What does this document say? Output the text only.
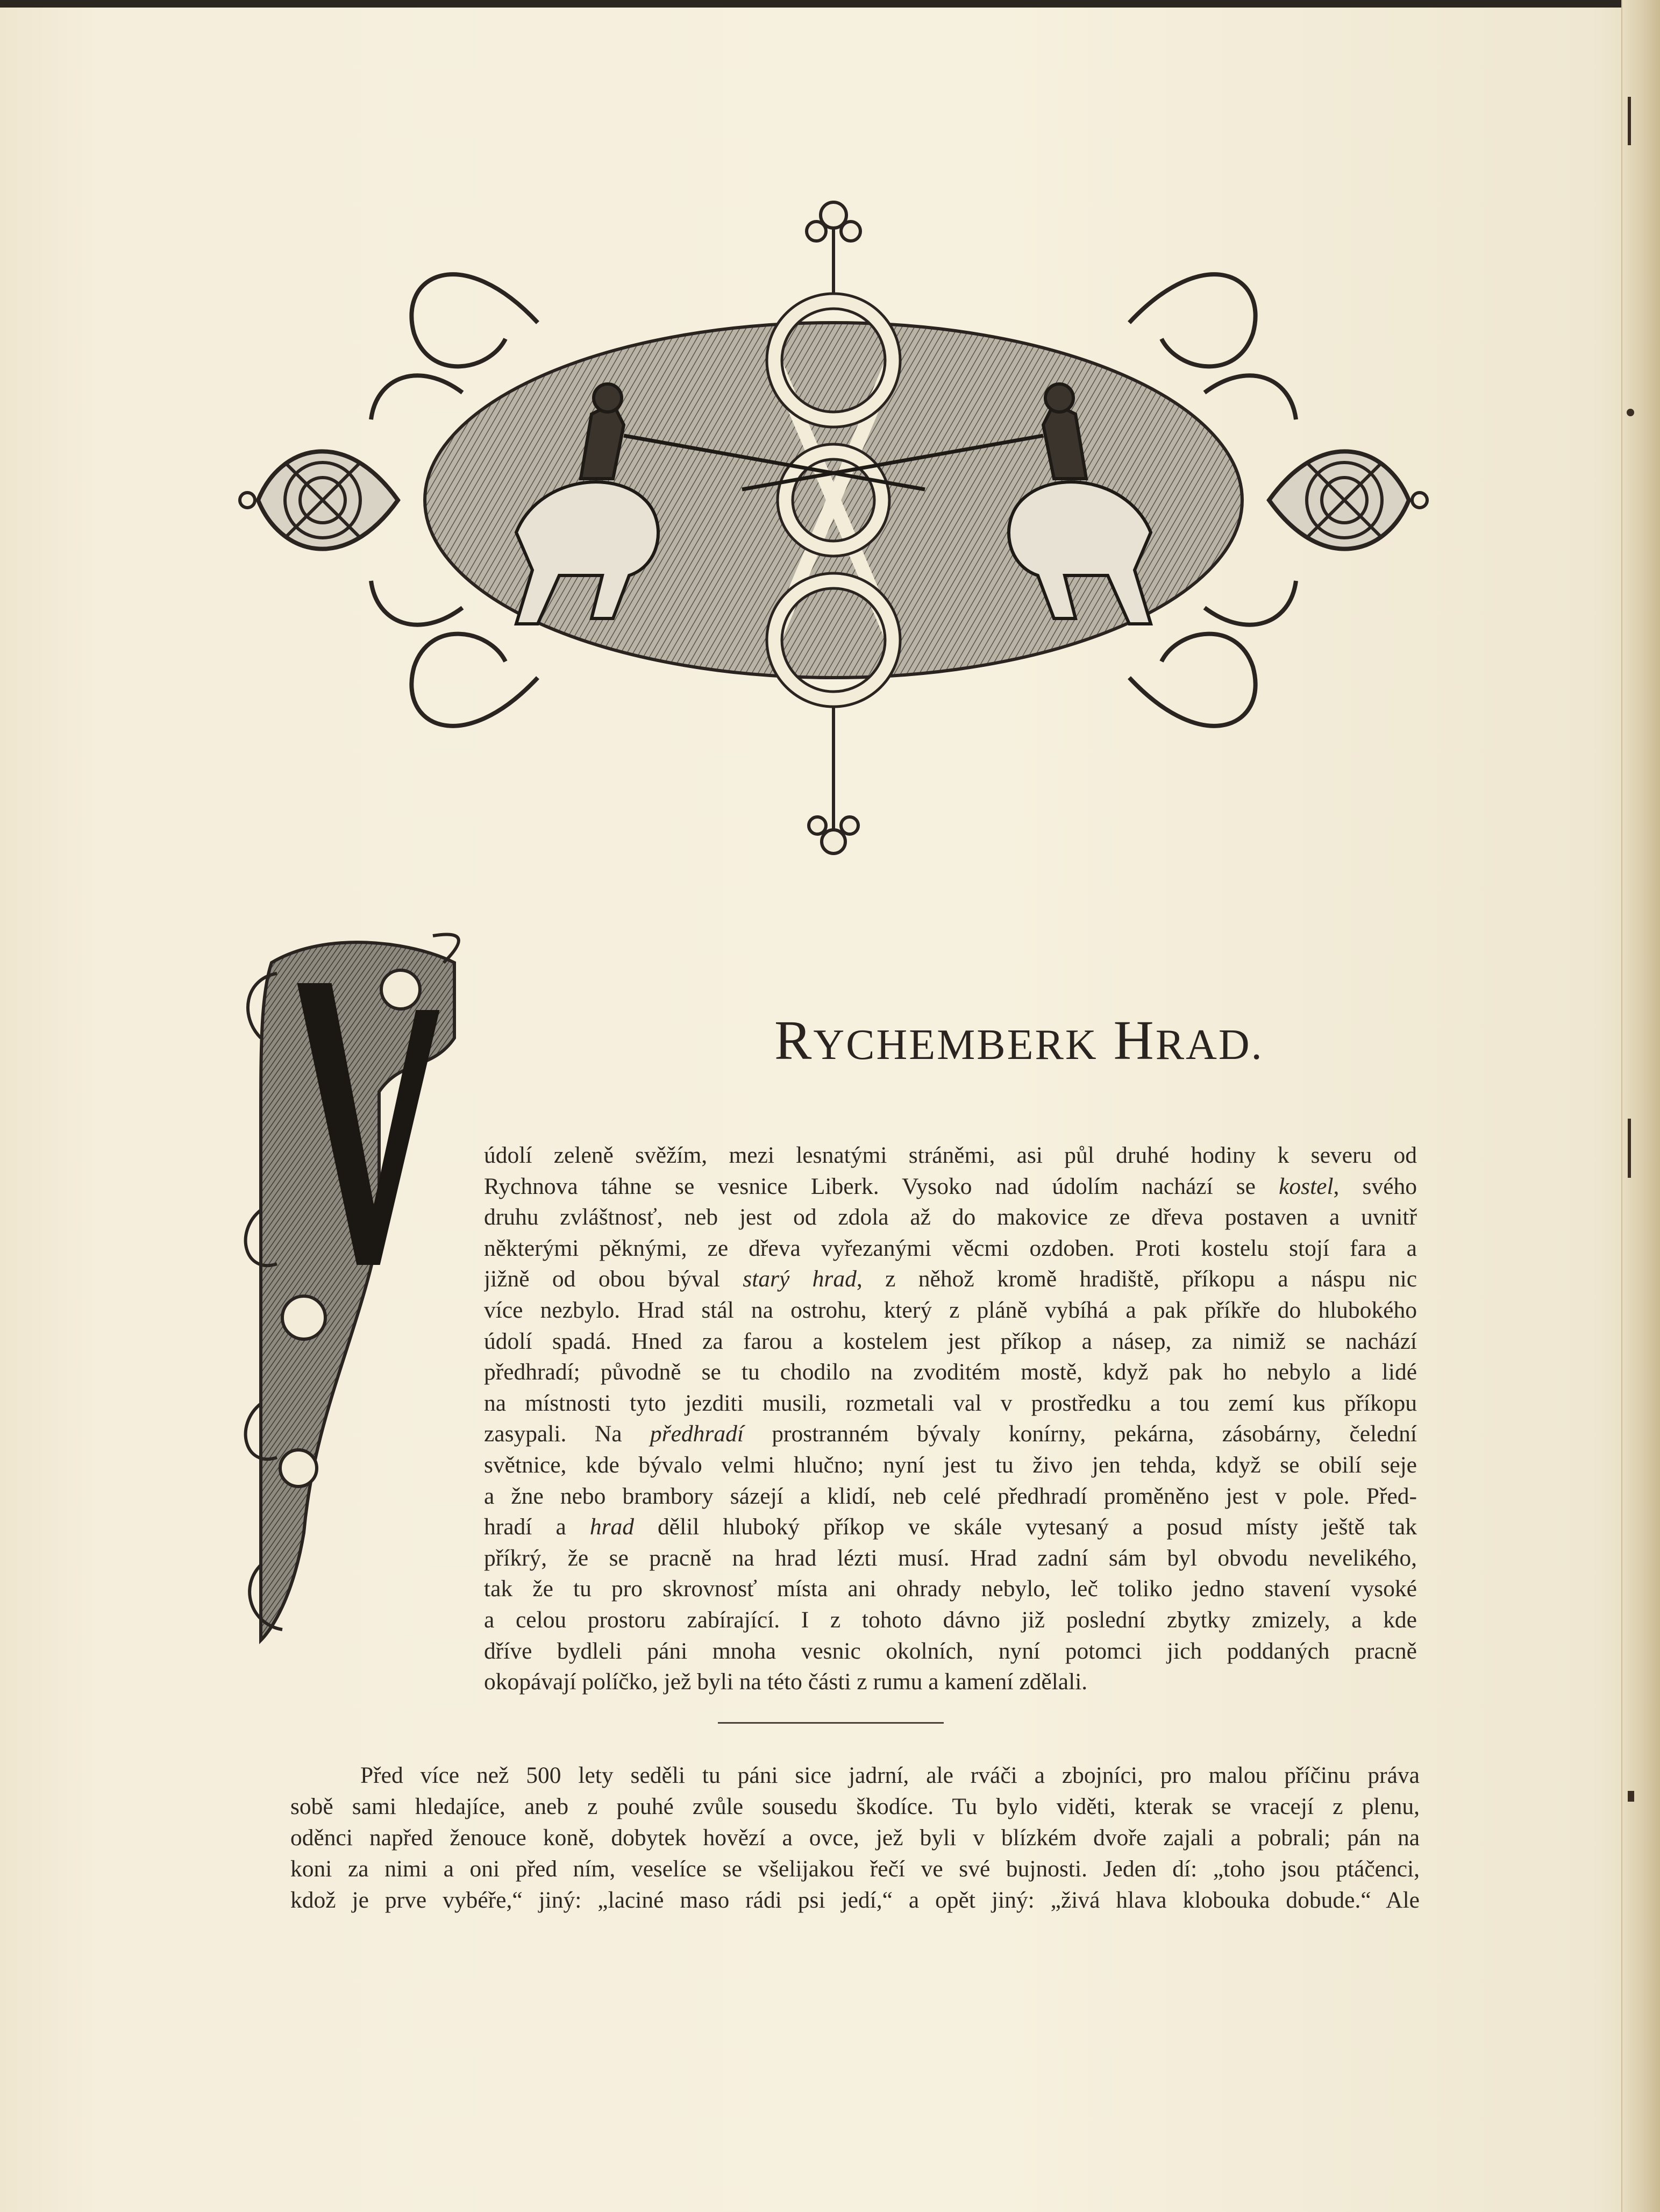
RYCHEMBERK HRAD.
údolí zeleně svěžím, mezi lesnatými stráněmi, asi půl druhé hodiny k severu od
Rychnova táhne se vesnice Liberk. Vysoko nad údolím nachází se kostel, svého
druhu zvláštnosť, neb jest od zdola až do makovice ze dřeva postaven a uvnitř
některými pěknými, ze dřeva vyřezanými věcmi ozdoben. Proti kostelu stojí fara a
jižně od obou býval starý hrad, z něhož kromě hradiště, příkopu a náspu nic
více nezbylo. Hrad stál na ostrohu, který z pláně vybíhá a pak příkře do hlubokého
údolí spadá. Hned za farou a kostelem jest příkop a násep, za nimiž se nachází
předhradí; původně se tu chodilo na zvoditém mostě, když pak ho nebylo a lidé
na místnosti tyto jezditi musili, rozmetali val v prostředku a tou zemí kus příkopu
zasypali. Na předhradí prostranném bývaly konírny, pekárna, zásobárny, čelední
světnice, kde bývalo velmi hlučno; nyní jest tu živo jen tehda, když se obilí seje
a žne nebo brambory sázejí a klidí, neb celé předhradí proměněno jest v pole. Před-
hradí a hrad dělil hluboký příkop ve skále vytesaný a posud místy ještě tak
příkrý, že se pracně na hrad lézti musí. Hrad zadní sám byl obvodu nevelikého,
tak že tu pro skrovnosť místa ani ohrady nebylo, leč toliko jedno stavení vysoké
a celou prostoru zabírající. I z tohoto dávno již poslední zbytky zmizely, a kde
dříve bydleli páni mnoha vesnic okolních, nyní potomci jich poddaných pracně
okopávají políčko, jež byli na této části z rumu a kamení zdělali.
Před více než 500 lety seděli tu páni sice jadrní, ale rváči a zbojníci, pro malou příčinu práva
sobě sami hledajíce, aneb z pouhé zvůle sousedu škodíce. Tu bylo viděti, kterak se vracejí z plenu,
oděnci napřed ženouce koně, dobytek hovězí a ovce, jež byli v blízkém dvoře zajali a pobrali; pán na
koni za nimi a oni před ním, veselíce se všelijakou řečí ve své bujnosti. Jeden dí: „toho jsou ptáčenci,
kdož je prve vybéře,“ jiný: „laciné maso rádi psi jedí,“ a opět jiný: „živá hlava klobouka dobude.“ Ale
